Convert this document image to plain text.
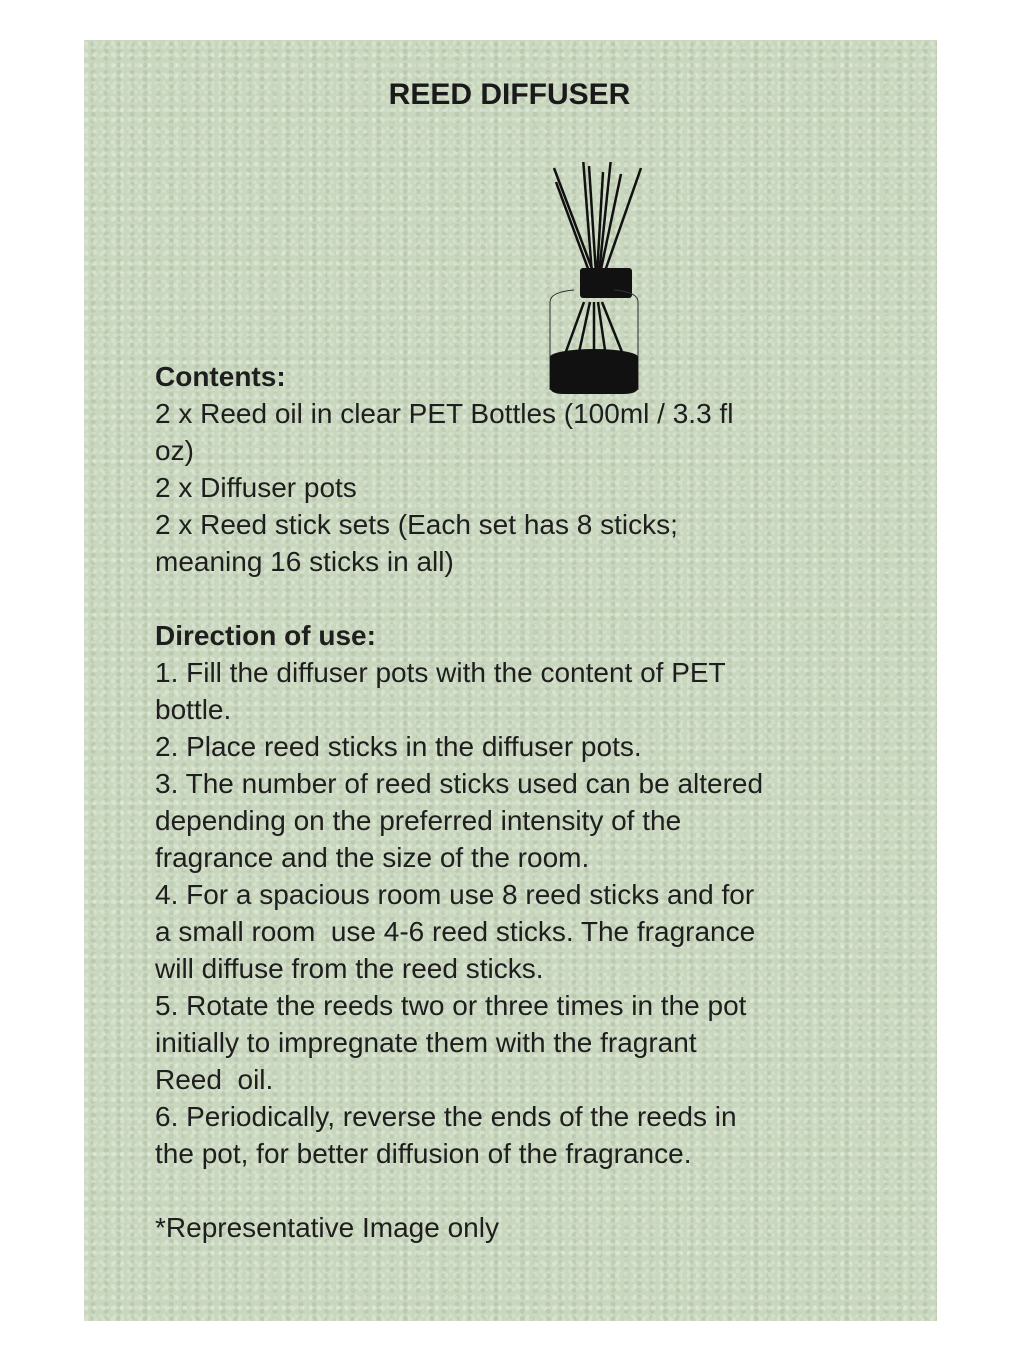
REED DIFFUSER
Contents:
2 x Reed oil in clear PET Bottles (100ml / 3.3 fl
oz)
2 x Diffuser pots
2 x Reed stick sets (Each set has 8 sticks;
meaning 16 sticks in all)
Direction of use:
1. Fill the diffuser pots with the content of PET
bottle.
2. Place reed sticks in the diffuser pots.
3. The number of reed sticks used can be altered
depending on the preferred intensity of the
fragrance and the size of the room.
4. For a spacious room use 8 reed sticks and for
a small room  use 4-6 reed sticks. The fragrance
will diffuse from the reed sticks.
5. Rotate the reeds two or three times in the pot
initially to impregnate them with the fragrant
Reed  oil.
6. Periodically, reverse the ends of the reeds in
the pot, for better diffusion of the fragrance.
*Representative Image only
